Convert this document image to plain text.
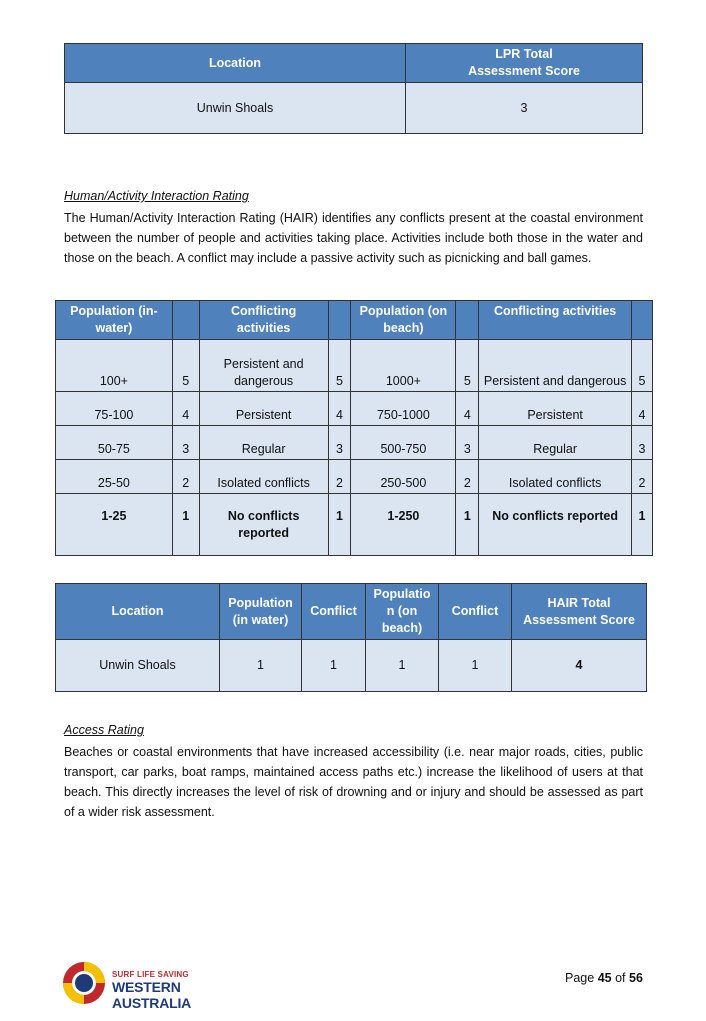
Location	LPR Total
Assessment Score
Unwin Shoals	3
Human/Activity Interaction Rating

The Human/Activity Interaction Rating (HAIR) identifies any conflicts present at the coastal environment between the number of people and activities taking place. Activities include both those in the water and those on the beach. A conflict may include a passive activity such as picnicking and ball games.

Population (in-water)		Conflicting activities		Population (on beach)		Conflicting activities	
100+	5	Persistent and dangerous	5	1000+	5	Persistent and dangerous	5
75-100	4	Persistent	4	750-1000	4	Persistent	4
50-75	3	Regular	3	500-750	3	Regular	3
25-50	2	Isolated conflicts	2	250-500	2	Isolated conflicts	2
1-25	1	No conflicts reported	1	1-250	1	No conflicts reported	1
Location	Population (in water)	Conflict	Populatio n (on beach)	Conflict	HAIR Total Assessment Score
Unwin Shoals	1	1	1	1	4
Access Rating

Beaches or coastal environments that have increased accessibility (i.e. near major roads, cities, public transport, car parks, boat ramps, maintained access paths etc.) increase the likelihood of users at that beach. This directly increases the level of risk of drowning and or injury and should be assessed as part of a wider risk assessment.

SURF LIFE SAVING
WESTERN AUSTRALIA
Page 45 of 56
